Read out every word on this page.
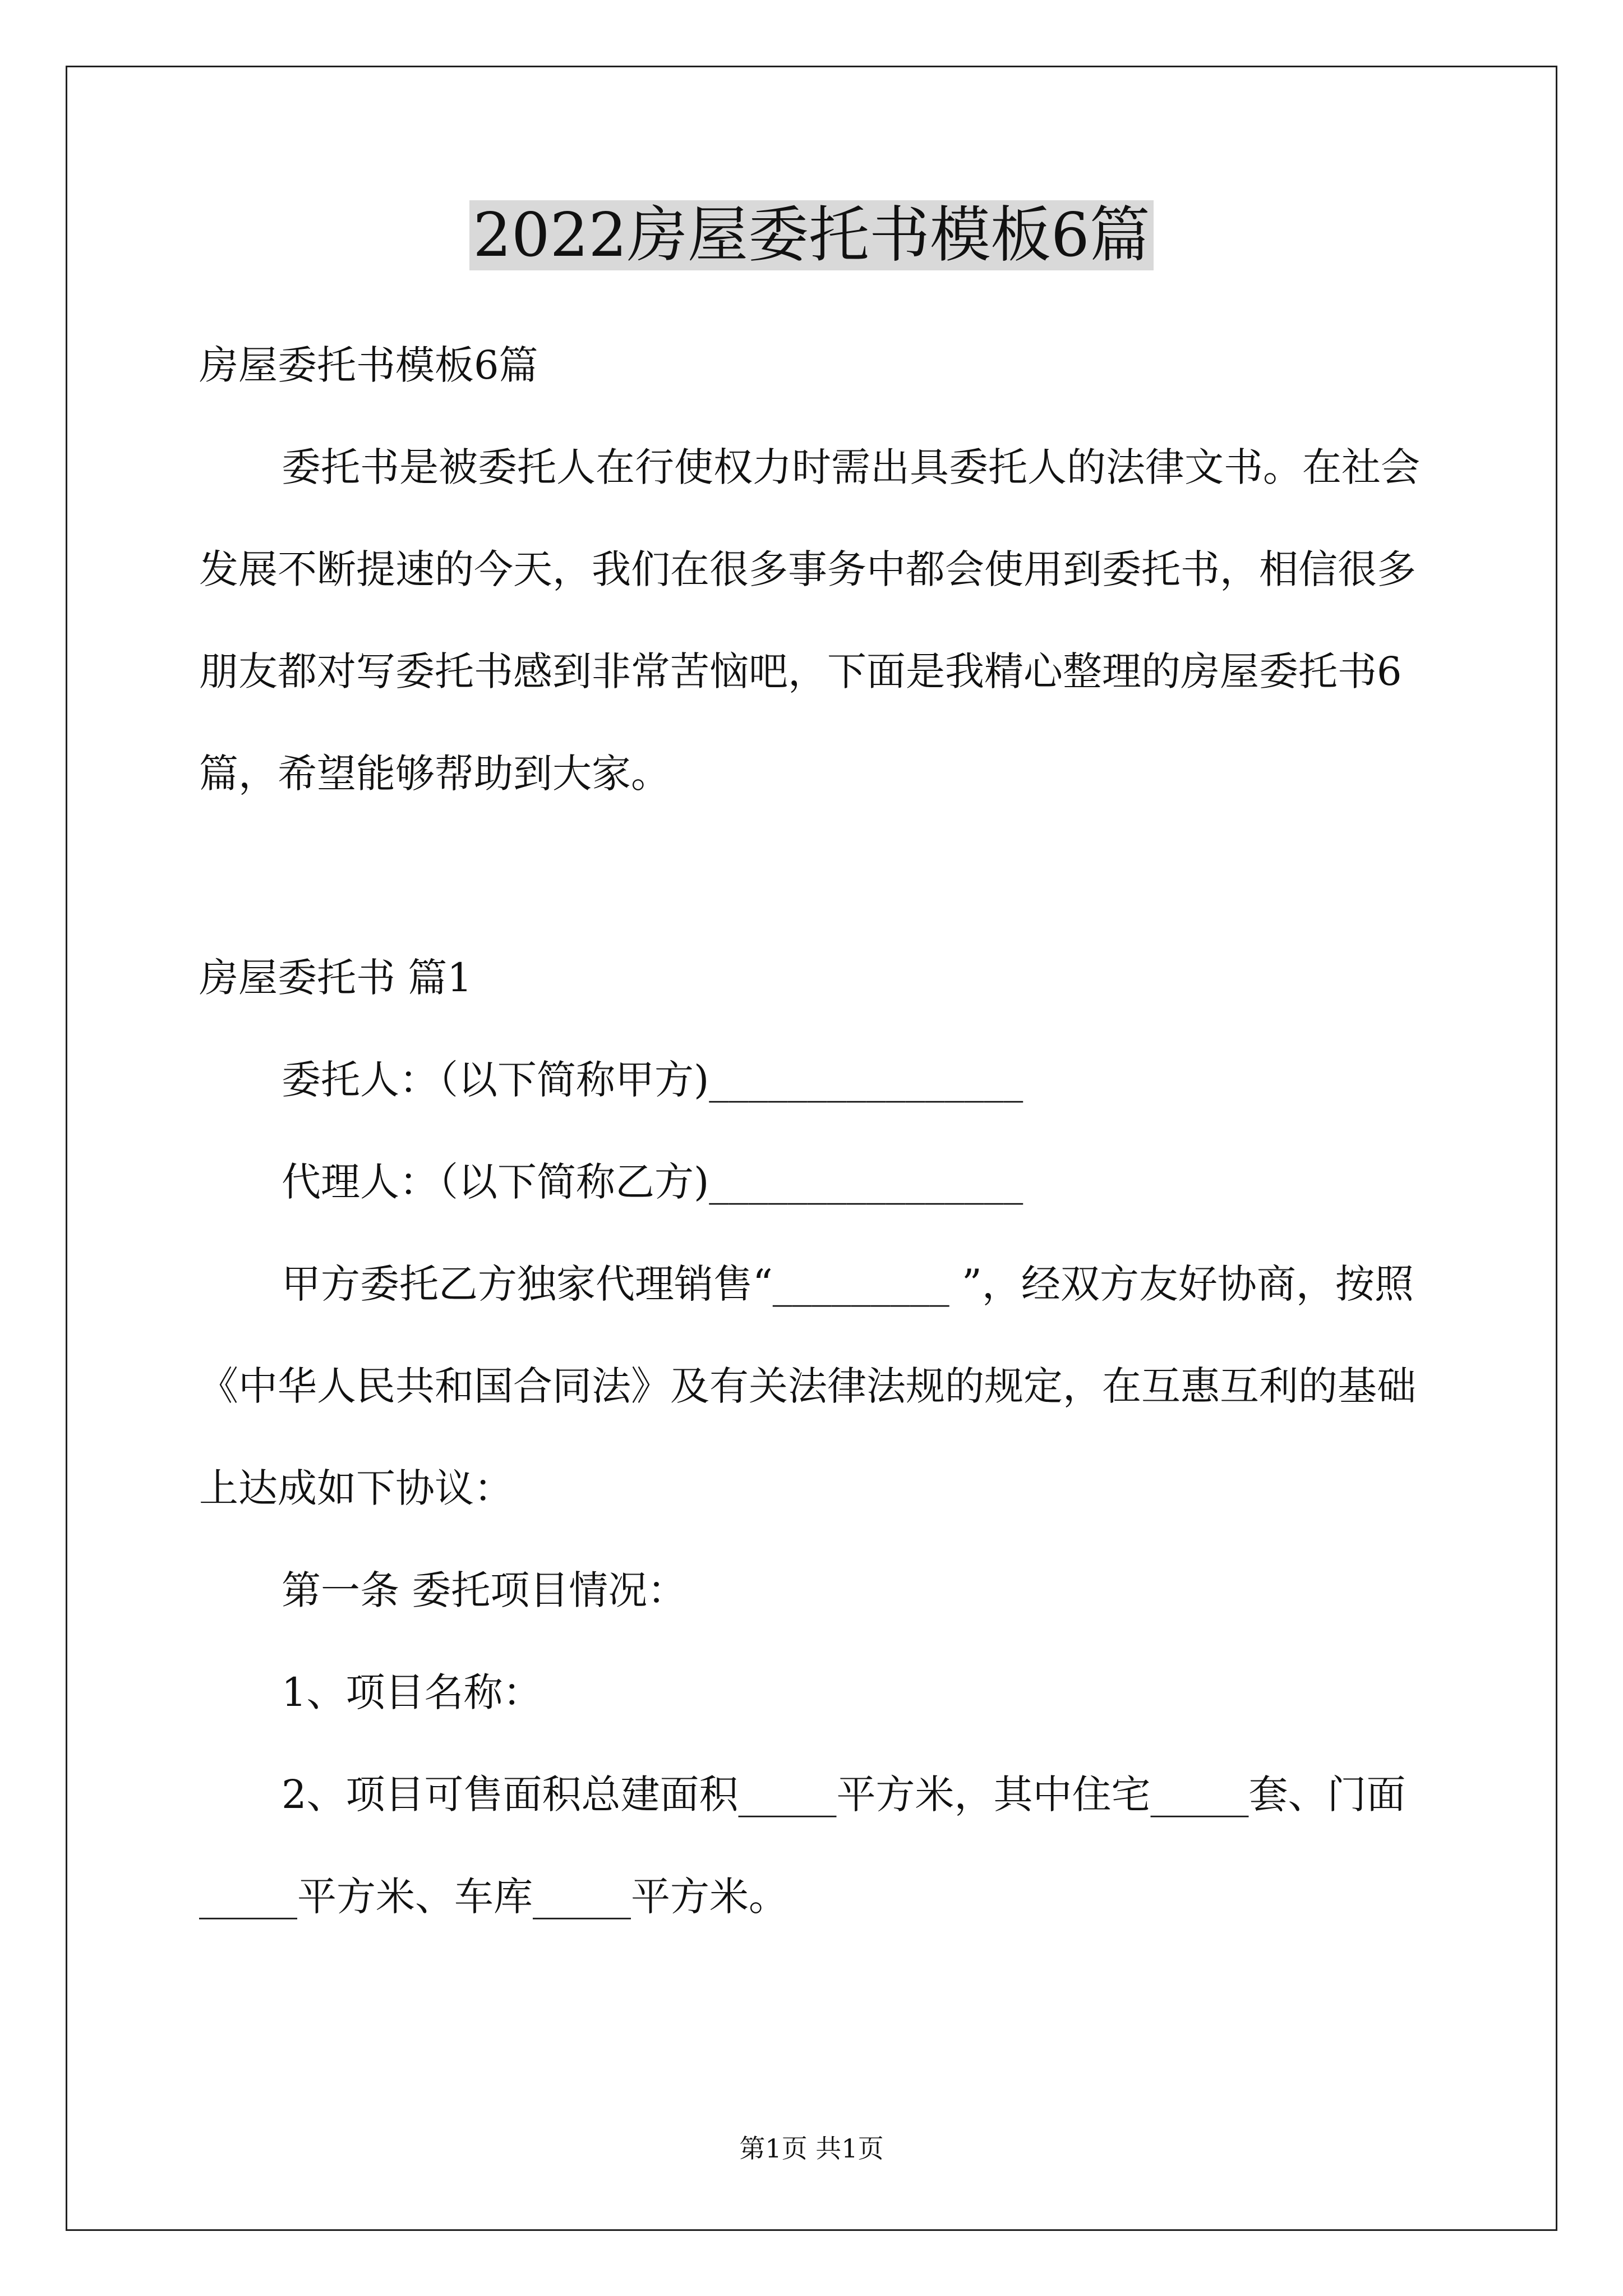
2022房屋委托书模板6篇

房屋委托书模板6篇

委托书是被委托人在行使权力时需出具委托人的法律文书。在社会发展不断提速的今天，我们在很多事务中都会使用到委托书，相信很多朋友都对写委托书感到非常苦恼吧，下面是我精心整理的房屋委托书6篇，希望能够帮助到大家。

房屋委托书 篇1

委托人：（以下简称甲方)________________

代理人：（以下简称乙方)________________

甲方委托乙方独家代理销售“_________ ”，经双方友好协商，按照《中华人民共和国合同法》及有关法律法规的规定，在互惠互利的基础上达成如下协议：

第一条 委托项目情况：

1、项目名称：

2、项目可售面积总建面积_____平方米，其中住宅_____套、门面_____平方米、车库_____平方米。

第1页 共1页
